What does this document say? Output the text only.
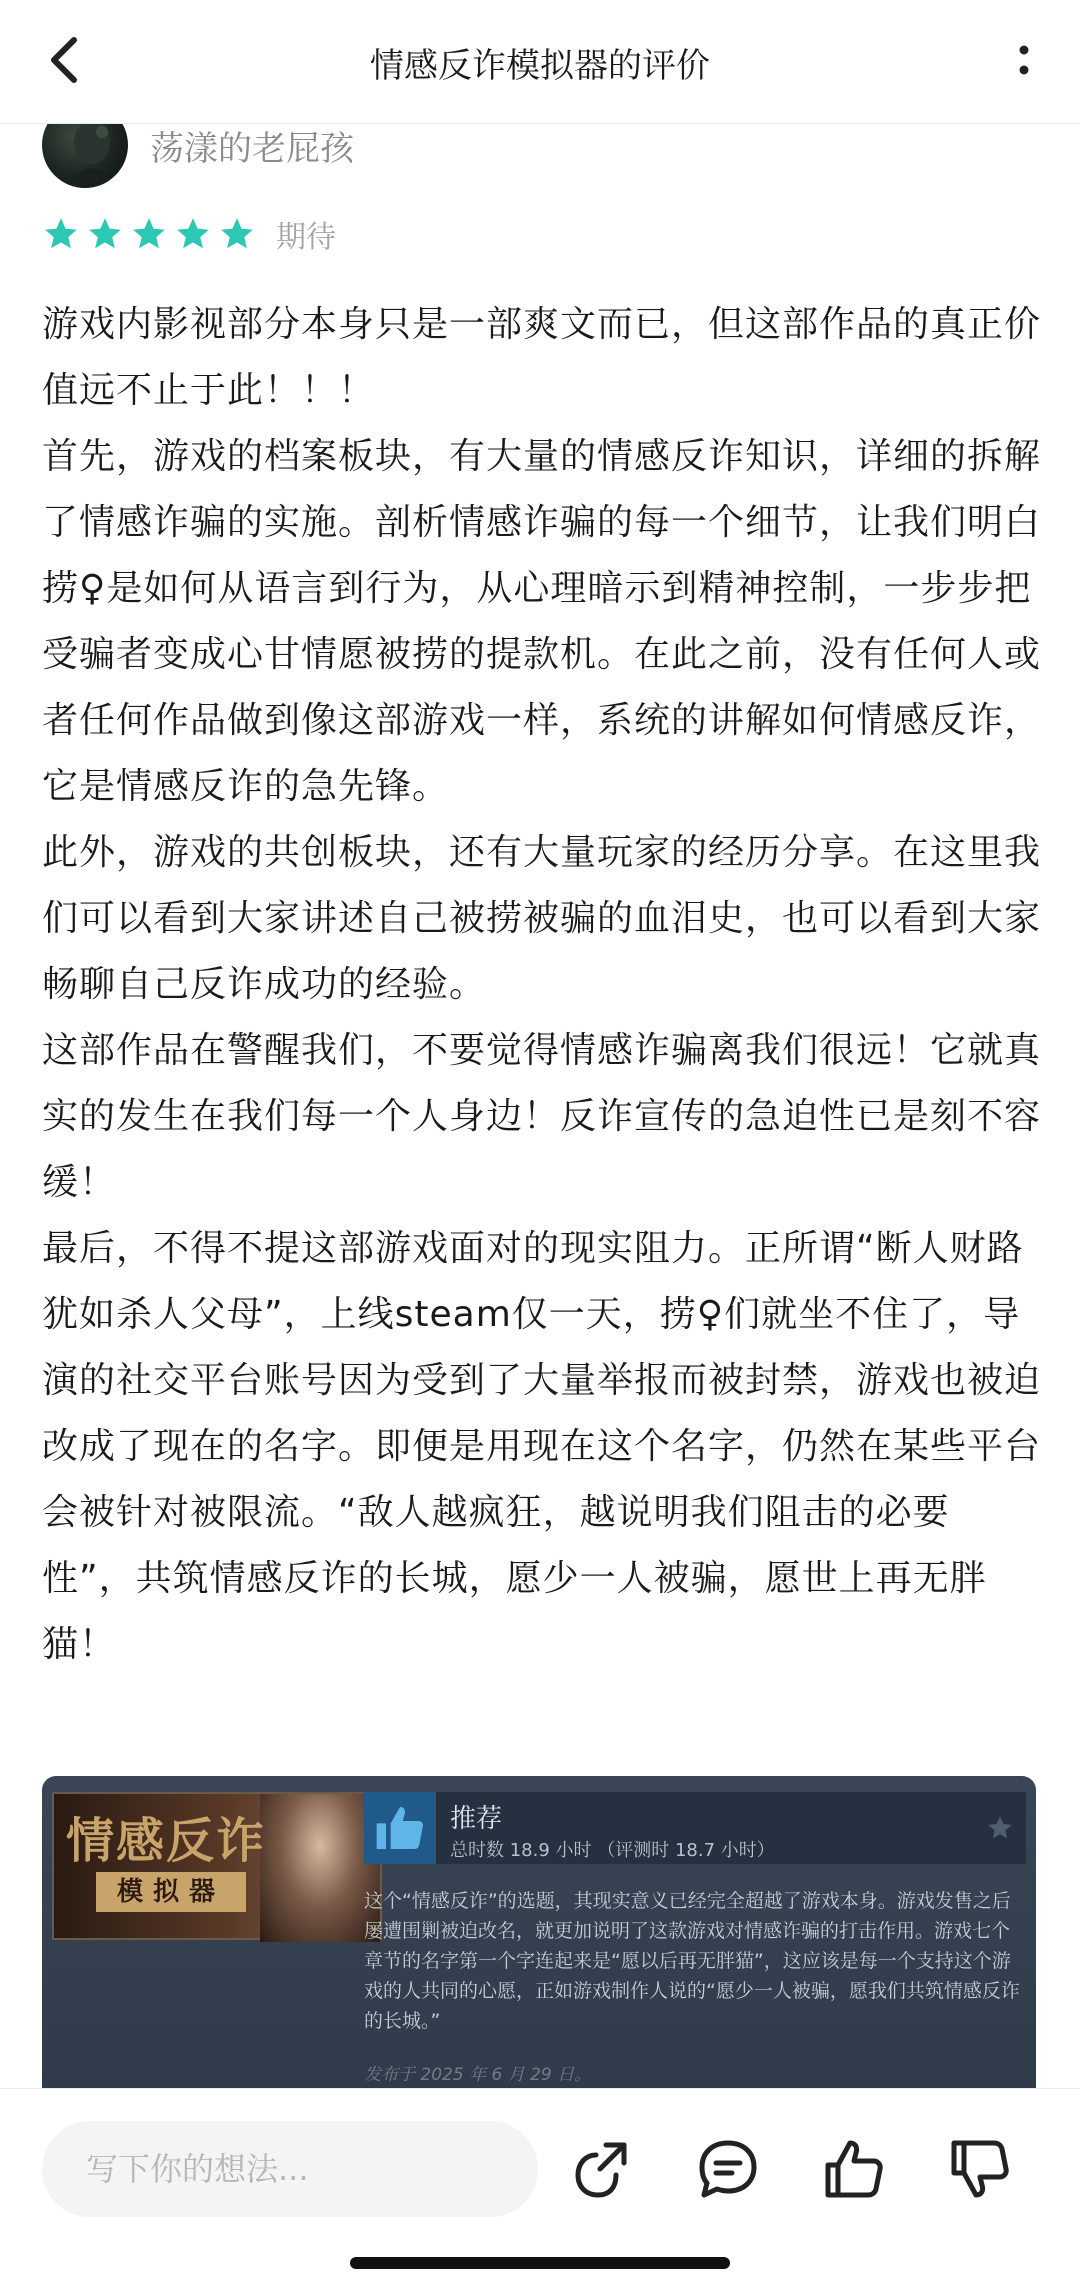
情感反诈模拟器的评价
荡漾的老屁孩
期待

游戏内影视部分本身只是一部爽文而已，但这部作品的真正价值远不止于此！！！

首先，游戏的档案板块，有大量的情感反诈知识，详细的拆解了情感诈骗的实施。剖析情感诈骗的每一个细节，让我们明白捞♀是如何从语言到行为，从心理暗示到精神控制，一步步把受骗者变成心甘情愿被捞的提款机。在此之前，没有任何人或者任何作品做到像这部游戏一样，系统的讲解如何情感反诈，它是情感反诈的急先锋。

此外，游戏的共创板块，还有大量玩家的经历分享。在这里我们可以看到大家讲述自己被捞被骗的血泪史，也可以看到大家畅聊自己反诈成功的经验。

这部作品在警醒我们，不要觉得情感诈骗离我们很远！它就真实的发生在我们每一个人身边！反诈宣传的急迫性已是刻不容缓！

最后，不得不提这部游戏面对的现实阻力。正所谓“断人财路犹如杀人父母”，上线steam仅一天，捞♀们就坐不住了，导演的社交平台账号因为受到了大量举报而被封禁，游戏也被迫改成了现在的名字。即便是用现在这个名字，仍然在某些平台会被针对被限流。“敌人越疯狂，越说明我们阻击的必要性”，共筑情感反诈的长城，愿少一人被骗，愿世上再无胖猫！

情感反诈
模拟器
推荐
总时数 18.9 小时 （评测时 18.7 小时）
这个“情感反诈”的选题，其现实意义已经完全超越了游戏本身。游戏发售之后屡遭围剿被迫改名，就更加说明了这款游戏对情感诈骗的打击作用。游戏七个章节的名字第一个字连起来是“愿以后再无胖猫”，这应该是每一个支持这个游戏的人共同的心愿，正如游戏制作人说的“愿少一人被骗，愿我们共筑情感反诈的长城。”
发布于 2025 年 6 月 29 日。
写下你的想法...
